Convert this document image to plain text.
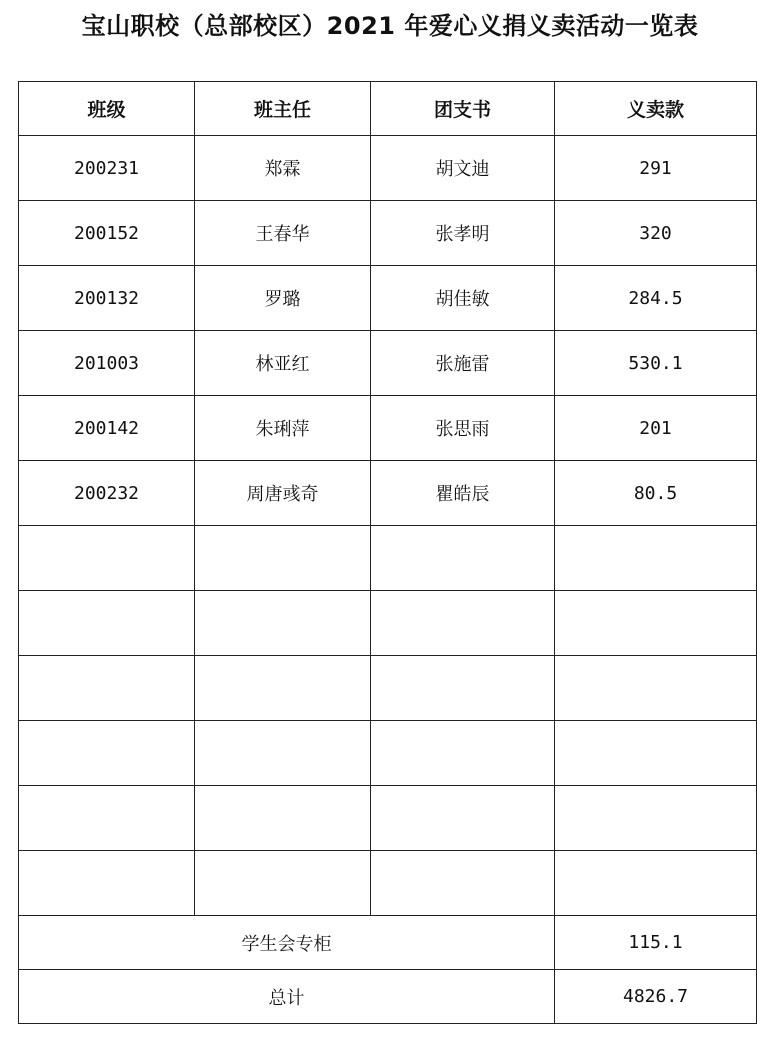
宝山职校（总部校区）2021 年爱心义捐义卖活动一览表
班级	班主任	团支书	义卖款
200231	郑霖	胡文迪	291
200152	王春华	张孝明	320
200132	罗璐	胡佳敏	284.5
201003	林亚红	张施雷	530.1
200142	朱琍萍	张思雨	201
200232	周唐彧奇	瞿皓辰	80.5

学生会专柜			115.1
总计			4826.7
